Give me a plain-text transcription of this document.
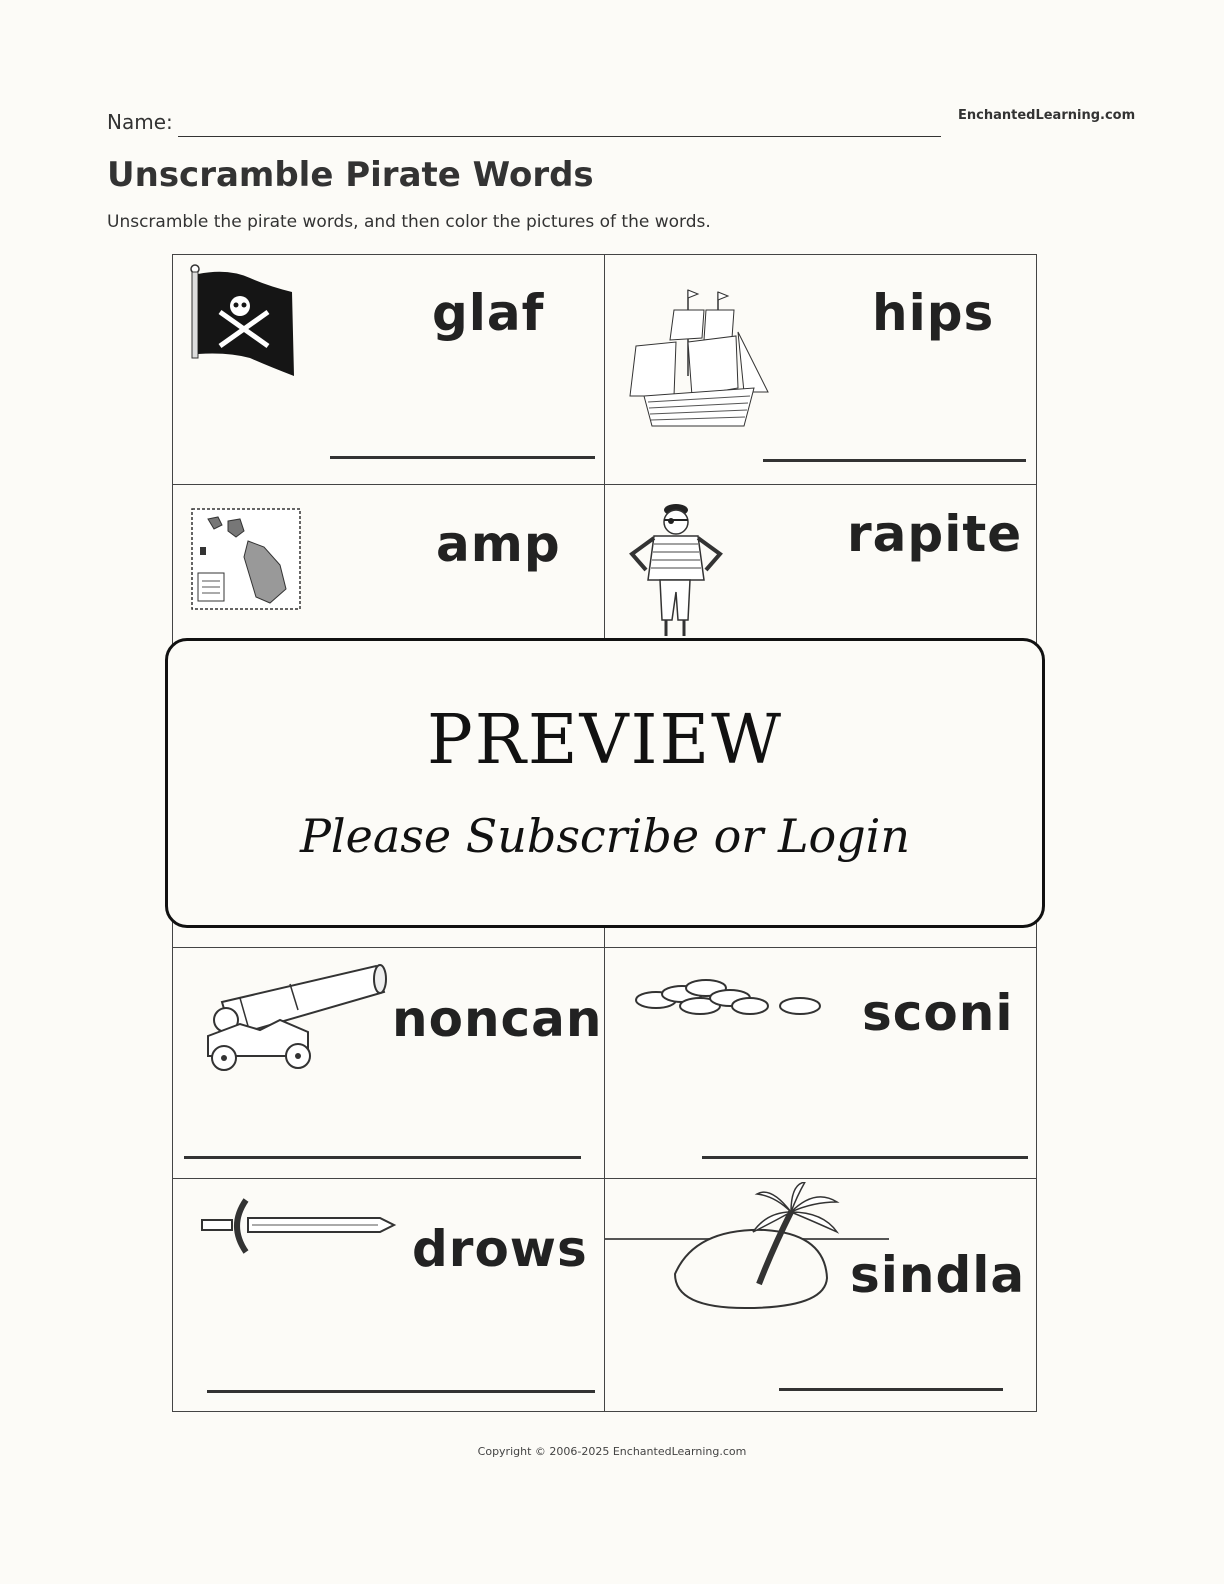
Name:	EnchantedLearning.com
Unscramble Pirate Words
Unscramble the pirate words, and then color the pictures of the words.
glaf	hips
amp	rapite
noncan	sconi
drows	sindla
PREVIEW
Please Subscribe or Login
Copyright © 2006-2025 EnchantedLearning.com
